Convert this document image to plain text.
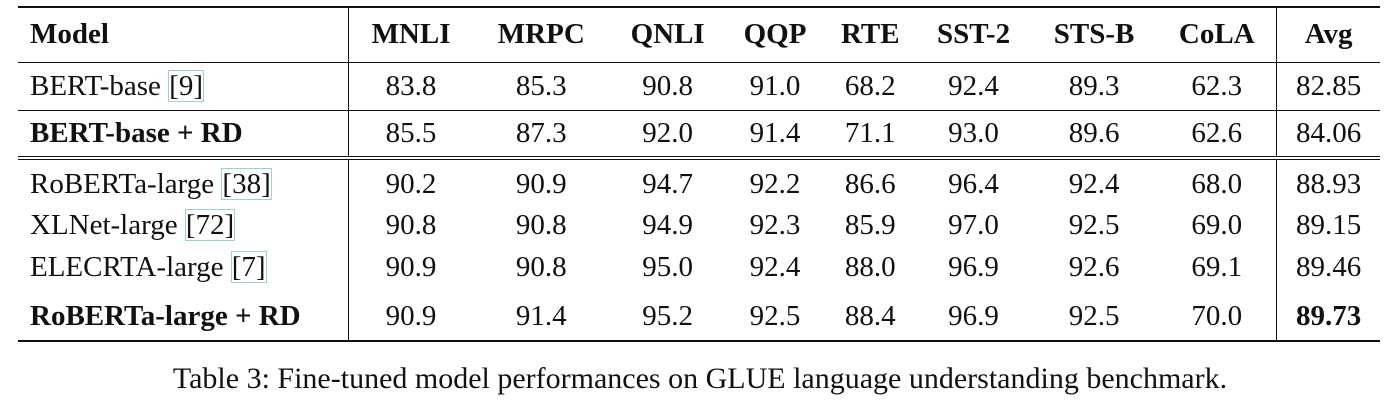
Model	MNLI	MRPC	QNLI	QQP	RTE	SST-2	STS-B	CoLA	Avg
BERT-base [9]	83.8	85.3	90.8	91.0	68.2	92.4	89.3	62.3	82.85
BERT-base + RD	85.5	87.3	92.0	91.4	71.1	93.0	89.6	62.6	84.06
RoBERTa-large [38]	90.2	90.9	94.7	92.2	86.6	96.4	92.4	68.0	88.93
XLNet-large [72]	90.8	90.8	94.9	92.3	85.9	97.0	92.5	69.0	89.15
ELECRTA-large [7]	90.9	90.8	95.0	92.4	88.0	96.9	92.6	69.1	89.46
RoBERTa-large + RD	90.9	91.4	95.2	92.5	88.4	96.9	92.5	70.0	89.73
Table 3: Fine-tuned model performances on GLUE language understanding benchmark.
